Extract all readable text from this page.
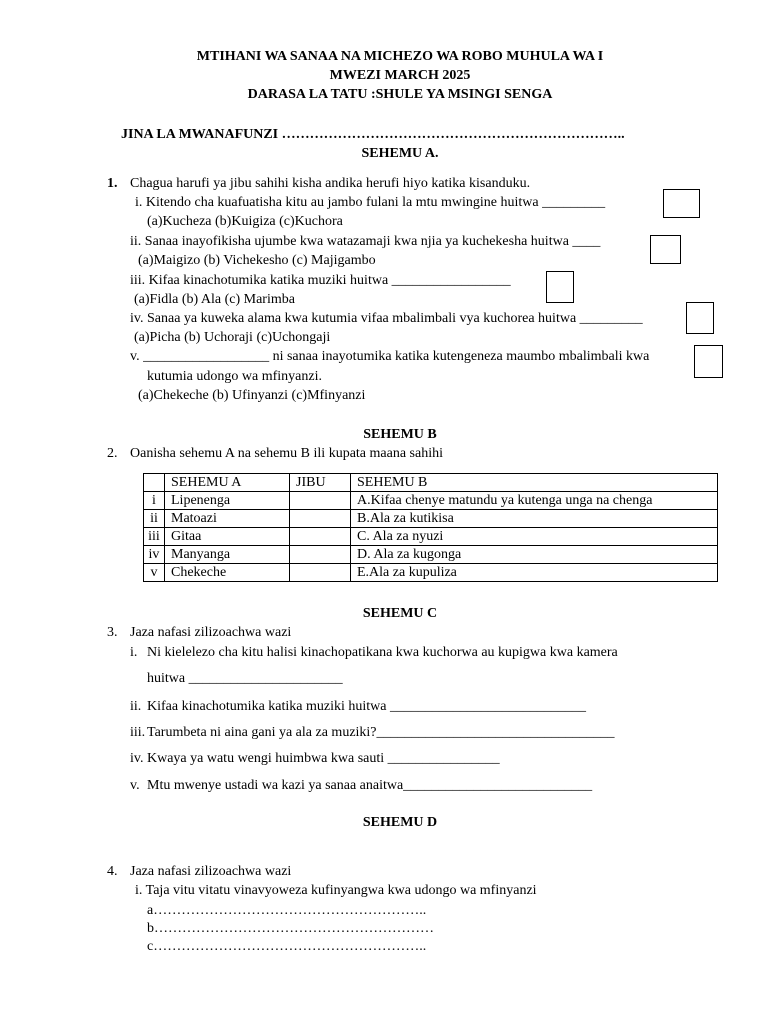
MTIHANI WA SANAA NA MICHEZO WA ROBO MUHULA WA I
MWEZI MARCH 2025
DARASA LA TATU :SHULE YA MSINGI SENGA
JINA LA MWANAFUNZI ………………………………………………………………..
SEHEMU A.
1. Chagua harufi ya jibu sahihi kisha andika herufi hiyo katika kisanduku.
i. Kitendo cha kuafuatisha kitu au jambo fulani la mtu mwingine huitwa _________
(a)Kucheza (b)Kuigiza (c)Kuchora
ii. Sanaa inayofikisha ujumbe kwa watazamaji kwa njia ya kuchekesha huitwa ____
(a)Maigizo (b) Vichekesho (c) Majigambo
iii. Kifaa kinachotumika katika muziki huitwa _________________
(a)Fidla (b) Ala (c) Marimba
iv. Sanaa ya kuweka alama kwa kutumia vifaa mbalimbali vya kuchorea huitwa _________
(a)Picha (b) Uchoraji (c)Uchongaji
v. __________________ ni sanaa inayotumika katika kutengeneza maumbo mbalimbali kwa
kutumia udongo wa mfinyanzi.
(a)Chekeche (b) Ufinyanzi (c)Mfinyanzi
SEHEMU B
2. Oanisha sehemu A na sehemu B ili kupata maana sahihi
	SEHEMU A	JIBU	SEHEMU B
i	Lipenenga		A.Kifaa chenye matundu ya kutenga unga na chenga
ii	Matoazi		B.Ala za kutikisa
iii	Gitaa		C. Ala za nyuzi
iv	Manyanga		D. Ala za kugonga
v	Chekeche		E.Ala za kupuliza
SEHEMU C
3. Jaza nafasi zilizoachwa wazi
i. Ni kielelezo cha kitu halisi kinachopatikana kwa kuchorwa au kupigwa kwa kamera
huitwa ______________________
ii. Kifaa kinachotumika katika muziki huitwa ____________________________
iii. Tarumbeta ni aina gani ya ala za muziki?__________________________________
iv. Kwaya ya watu wengi huimbwa kwa sauti ________________
v. Mtu mwenye ustadi wa kazi ya sanaa anaitwa___________________________
SEHEMU D
4. Jaza nafasi zilizoachwa wazi
i. Taja vitu vitatu vinavyoweza kufinyangwa kwa udongo wa mfinyanzi
a…………………………………………………..
b……………………………………………………
c…………………………………………………..
